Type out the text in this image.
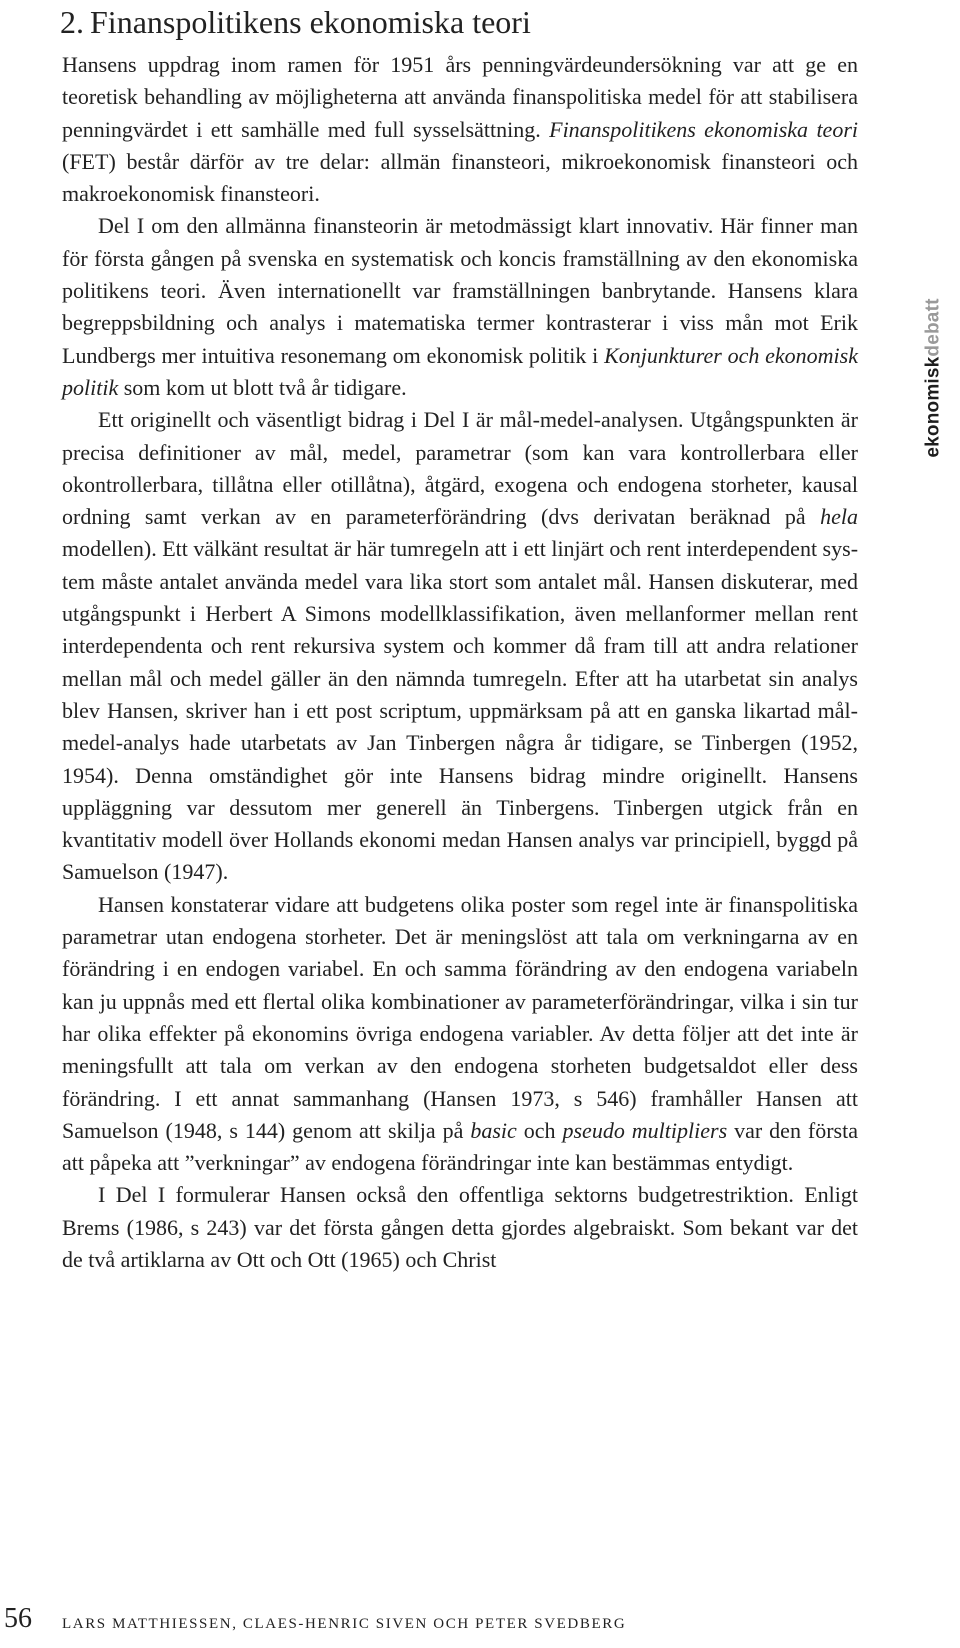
2. Finanspolitikens ekonomiska teori

Hansens uppdrag inom ramen för 1951 års penningvärdeundersökning var att ge en teoretisk behandling av möjligheterna att använda finanspolitiska medel för att stabilisera penningvärdet i ett samhälle med full sysselsättning. Finanspolitikens ekonomiska teori (FET) består därför av tre delar: allmän finansteori, mikroekonomisk finansteori och makroekonomisk finansteori.

Del I om den allmänna finansteorin är metodmässigt klart innovativ. Här finner man för första gången på svenska en systematisk och koncis framställning av den ekonomiska politikens teori. Även internationellt var framställningen banbrytande. Hansens klara begreppsbildning och analys i matematiska termer kontrasterar i viss mån mot Erik Lundbergs mer intuitiva resonemang om ekonomisk politik i Konjunkturer och ekonomisk politik som kom ut blott två år tidigare.

Ett originellt och väsentligt bidrag i Del I är mål-medel-analysen. Utgångspunkten är precisa definitioner av mål, medel, parametrar (som kan vara kontrollerbara eller okontrollerbara, tillåtna eller otillåtna), åtgärd, exogena och endogena storheter, kausal ordning samt verkan av en parameterförändring (dvs derivatan beräknad på hela modellen). Ett välkänt resultat är här tumregeln att i ett linjärt och rent interdependent system måste antalet använda medel vara lika stort som antalet mål. Hansen diskuterar, med utgångspunkt i Herbert A Simons modellklassifikation, även mellanformer mellan rent interdependenta och rent rekursiva system och kommer då fram till att andra relationer mellan mål och medel gäller än den nämnda tumregeln. Efter att ha utarbetat sin analys blev Hansen, skriver han i ett post scriptum, uppmärksam på att en ganska likartad målmedel-analys hade utarbetats av Jan Tinbergen några år tidigare, se Tinbergen (1952, 1954). Denna omständighet gör inte Hansens bidrag mindre originellt. Hansens uppläggning var dessutom mer generell än Tinbergens. Tinbergen utgick från en kvantitativ modell över Hollands ekonomi medan Hansen analys var principiell, byggd på Samuelson (1947).

Hansen konstaterar vidare att budgetens olika poster som regel inte är finanspolitiska parametrar utan endogena storheter. Det är meningslöst att tala om verkningarna av en förändring i en endogen variabel. En och samma förändring av den endogena variabeln kan ju uppnås med ett flertal olika kombinationer av parameterförändringar, vilka i sin tur har olika effekter på ekonomins övriga endogena variabler. Av detta följer att det inte är meningsfullt att tala om verkan av den endogena storheten budgetsaldot eller dess förändring. I ett annat sammanhang (Hansen 1973, s 546) framhåller Hansen att Samuelson (1948, s 144) genom att skilja på basic och pseudo multipliers var den första att påpeka att ”verkningar” av endogena förändringar inte kan bestämmas entydigt.

I Del I formulerar Hansen också den offentliga sektorns budgetrestriktion. Enligt Brems (1986, s 243) var det första gången detta gjordes algebraiskt. Som bekant var det de två artiklarna av Ott och Ott (1965) och Christ

ekonomiskdebatt
56 LARS MATTHIESSEN, CLAES-HENRIC SIVEN OCH PETER SVEDBERG
